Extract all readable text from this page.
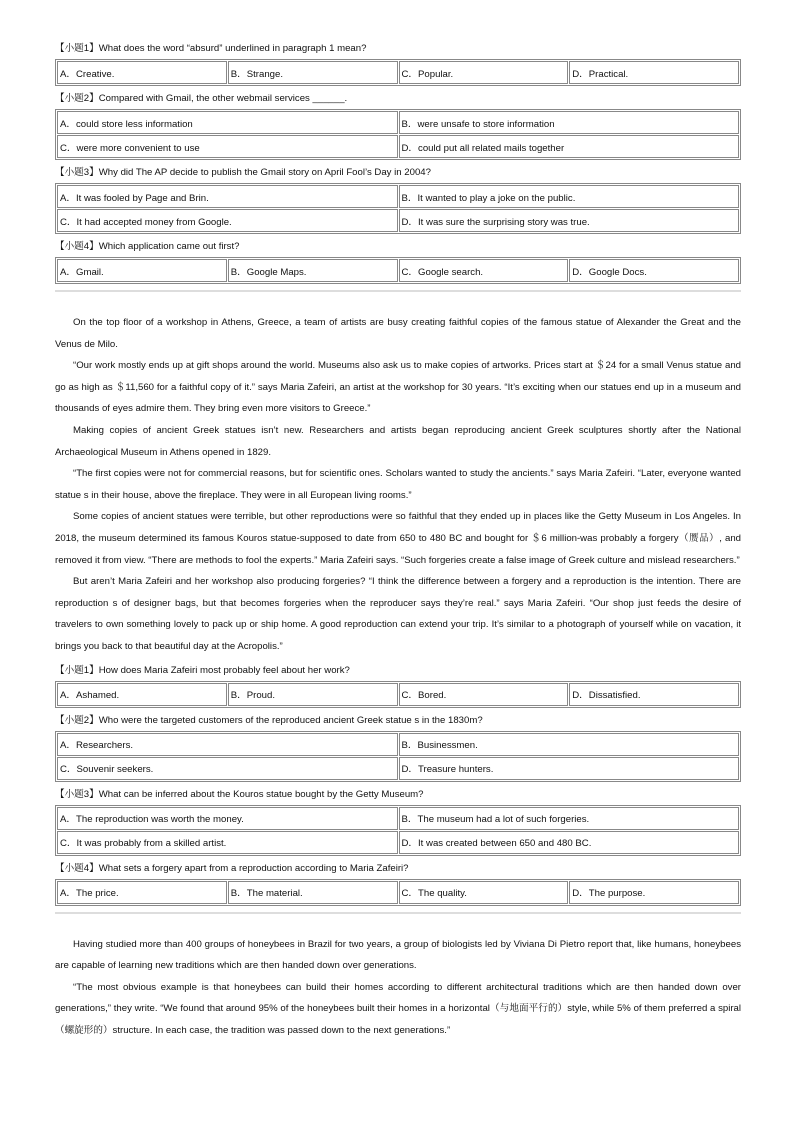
【小题1】What does the word “absurd” underlined in paragraph 1 mean?
A．Creative.	B．Strange.	C．Popular.	D．Practical.
【小题2】Compared with Gmail, the other webmail services ______.
A．could store less information	B．were unsafe to store information
C．were more convenient to use	D．could put all related mails together
【小题3】Why did The AP decide to publish the Gmail story on April Fool’s Day in 2004?
A．It was fooled by Page and Brin.	B．It wanted to play a joke on the public.
C．It had accepted money from Google.	D．It was sure the surprising story was true.
【小题4】Which application came out first?
A．Gmail.	B．Google Maps.	C．Google search.	D．Google Docs.

On the top floor of a workshop in Athens, Greece, a team of artists are busy creating faithful copies of the famous statue of Alexander the Great and the Venus de Milo.

“Our work mostly ends up at gift shops around the world. Museums also ask us to make copies of artworks. Prices start at ＄24 for a small Venus statue and go as high as ＄11,560 for a faithful copy of it.” says Maria Zafeiri, an artist at the workshop for 30 years. “It’s exciting when our statues end up in a museum and thousands of eyes admire them. They bring even more visitors to Greece.”

Making copies of ancient Greek statues isn’t new. Researchers and artists began reproducing ancient Greek sculptures shortly after the National Archaeological Museum in Athens opened in 1829.

“The first copies were not for commercial reasons, but for scientific ones. Scholars wanted to study the ancients.” says Maria Zafeiri. “Later, everyone wanted statue s in their house, above the fireplace. They were in all European living rooms.”

Some copies of ancient statues were terrible, but other reproductions were so faithful that they ended up in places like the Getty Museum in Los Angeles. In 2018, the museum determined its famous Kouros statue-supposed to date from 650 to 480 BC and bought for ＄6 million-was probably a forgery（赝品）, and removed it from view. “There are methods to fool the experts.” Maria Zafeiri says. “Such forgeries create a false image of Greek culture and mislead researchers.”

But aren’t Maria Zafeiri and her workshop also producing forgeries? “I think the difference between a forgery and a reproduction is the intention. There are reproduction s of designer bags, but that becomes forgeries when the reproducer says they’re real.” says Maria Zafeiri. “Our shop just feeds the desire of travelers to own something lovely to pack up or ship home. A good reproduction can extend your trip. It’s similar to a photograph of yourself while on vacation, it brings you back to that beautiful day at the Acropolis.”

【小题1】How does Maria Zafeiri most probably feel about her work?
A．Ashamed.	B．Proud.	C．Bored.	D．Dissatisfied.
【小题2】Who were the targeted customers of the reproduced ancient Greek statue s in the 1830m?
A．Researchers.	B．Businessmen.
C．Souvenir seekers.	D．Treasure hunters.
【小题3】What can be inferred about the Kouros statue bought by the Getty Museum?
A．The reproduction was worth the money.	B．The museum had a lot of such forgeries.
C．It was probably from a skilled artist.	D．It was created between 650 and 480 BC.
【小题4】What sets a forgery apart from a reproduction according to Maria Zafeiri?
A．The price.	B．The material.	C．The quality.	D．The purpose.

Having studied more than 400 groups of honeybees in Brazil for two years, a group of biologists led by Viviana Di Pietro report that, like humans, honeybees are capable of learning new traditions which are then handed down over generations.

“The most obvious example is that honeybees can build their homes according to different architectural traditions which are then handed down over generations,” they write. “We found that around 95% of the honeybees built their homes in a horizontal（与地面平行的）style, while 5% of them preferred a spiral（螺旋形的）structure. In each case, the tradition was passed down to the next generations.”
